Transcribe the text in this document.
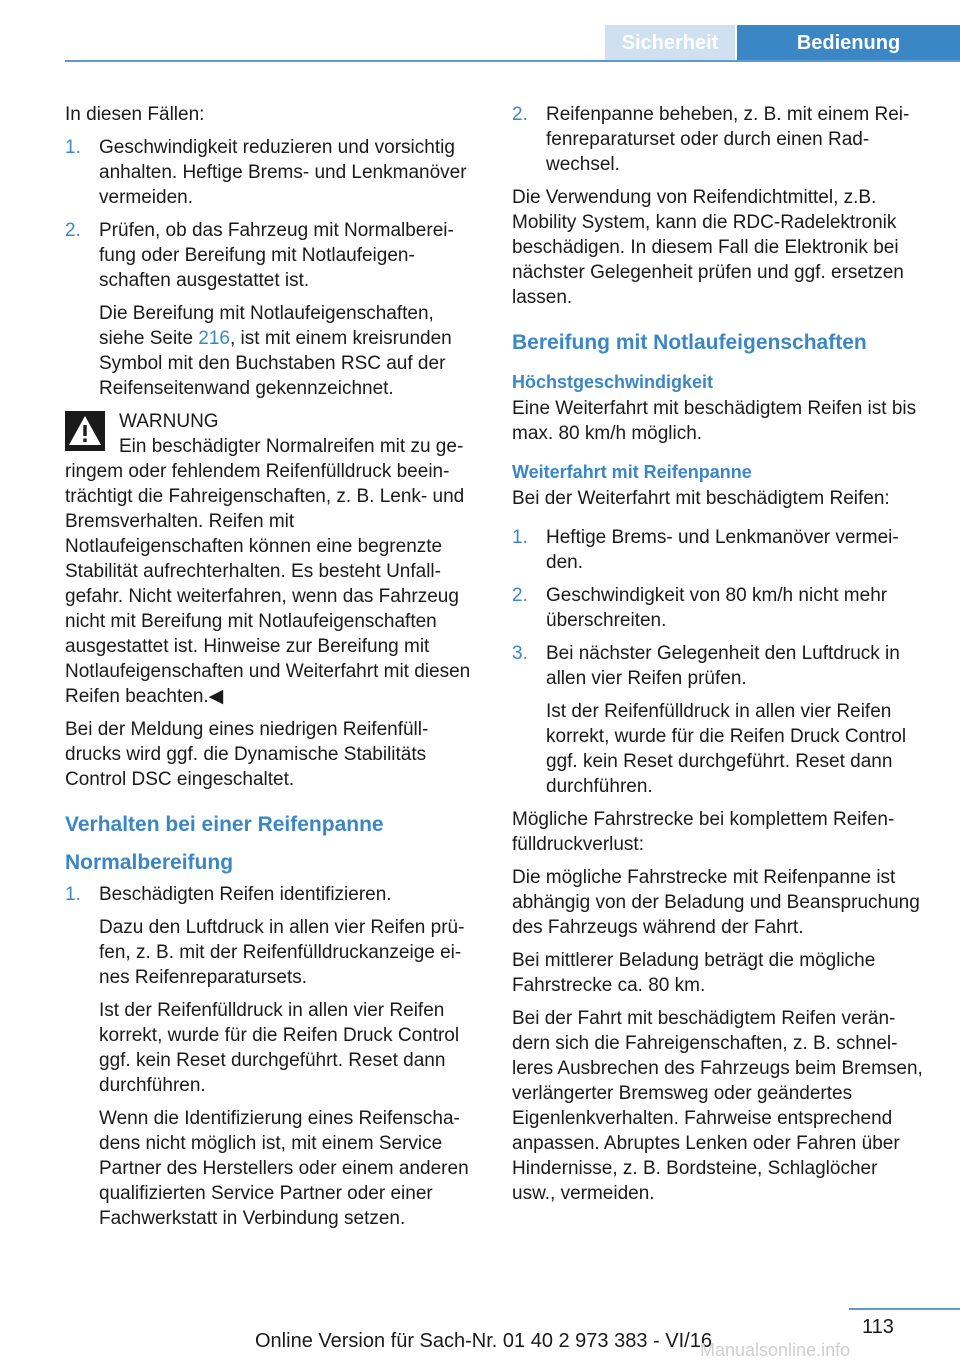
Sicherheit	Bedienung

In diesen Fällen:

1. Geschwindigkeit reduzieren und vorsichtig anhalten. Heftige Brems- und Lenkmanöver vermeiden.

2. Prüfen, ob das Fahrzeug mit Normalbereifung oder Bereifung mit Notlaufeigenschaften ausgestattet ist.

Die Bereifung mit Notlaufeigenschaften, siehe Seite 216, ist mit einem kreisrunden Symbol mit den Buchstaben RSC auf der Reifenseitenwand gekennzeichnet.

WARNUNG
Ein beschädigter Normalreifen mit zu geringem oder fehlendem Reifenfülldruck beeinträchtigt die Fahreigenschaften, z. B. Lenk- und Bremsverhalten. Reifen mit Notlaufeigenschaften können eine begrenzte Stabilität aufrechterhalten. Es besteht Unfallgefahr. Nicht weiterfahren, wenn das Fahrzeug nicht mit Bereifung mit Notlaufeigenschaften ausgestattet ist. Hinweise zur Bereifung mit Notlaufeigenschaften und Weiterfahrt mit diesen Reifen beachten.◀

Bei der Meldung eines niedrigen Reifenfülldrucks wird ggf. die Dynamische Stabilitäts Control DSC eingeschaltet.

Verhalten bei einer Reifenpanne
Normalbereifung
1. Beschädigten Reifen identifizieren.

Dazu den Luftdruck in allen vier Reifen prüfen, z. B. mit der Reifenfülldruckanzeige eines Reifenreparatursets.

Ist der Reifenfülldruck in allen vier Reifen korrekt, wurde für die Reifen Druck Control ggf. kein Reset durchgeführt. Reset dann durchführen.

Wenn die Identifizierung eines Reifenschadens nicht möglich ist, mit einem Service Partner des Herstellers oder einem anderen qualifizierten Service Partner oder einer Fachwerkstatt in Verbindung setzen.

2. Reifenpanne beheben, z. B. mit einem Reifenreparaturset oder durch einen Radwechsel.

Die Verwendung von Reifendichtmittel, z.B. Mobility System, kann die RDC-Radelektronik beschädigen. In diesem Fall die Elektronik bei nächster Gelegenheit prüfen und ggf. ersetzen lassen.

Bereifung mit Notlaufeigenschaften
Höchstgeschwindigkeit

Eine Weiterfahrt mit beschädigtem Reifen ist bis max. 80 km/h möglich.

Weiterfahrt mit Reifenpanne

Bei der Weiterfahrt mit beschädigtem Reifen:

1. Heftige Brems- und Lenkmanöver vermeiden.

2. Geschwindigkeit von 80 km/h nicht mehr überschreiten.

3. Bei nächster Gelegenheit den Luftdruck in allen vier Reifen prüfen.

Ist der Reifenfülldruck in allen vier Reifen korrekt, wurde für die Reifen Druck Control ggf. kein Reset durchgeführt. Reset dann durchführen.

Mögliche Fahrstrecke bei komplettem Reifenfülldruckverlust:

Die mögliche Fahrstrecke mit Reifenpanne ist abhängig von der Beladung und Beanspruchung des Fahrzeugs während der Fahrt.

Bei mittlerer Beladung beträgt die mögliche Fahrstrecke ca. 80 km.

Bei der Fahrt mit beschädigtem Reifen verändern sich die Fahreigenschaften, z. B. schnelleres Ausbrechen des Fahrzeugs beim Bremsen, verlängerter Bremsweg oder geändertes Eigenlenkverhalten. Fahrweise entsprechend anpassen. Abruptes Lenken oder Fahren über Hindernisse, z. B. Bordsteine, Schlaglöcher usw., vermeiden.

113
Online Version für Sach-Nr. 01 40 2 973 383 - VI/16
Manualsonline.info
